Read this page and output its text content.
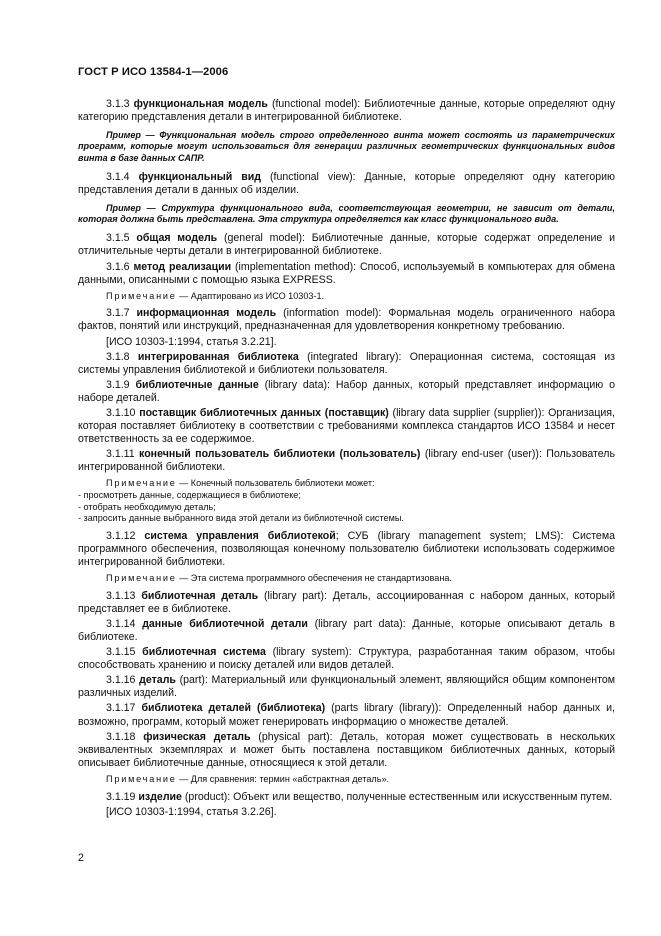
ГОСТ Р ИСО 13584-1—2006

3.1.3 функциональная модель (functional model): Библиотечные данные, которые определяют одну категорию представления детали в интегрированной библиотеке.

Пример — Функциональная модель строго определенного винта может состоять из параметрических программ, которые могут использоваться для генерации различных геометрических функциональных видов винта в базе данных САПР.

3.1.4 функциональный вид (functional view): Данные, которые определяют одну категорию представления детали в данных об изделии.

Пример — Структура функционального вида, соответствующая геометрии, не зависит от детали, которая должна быть представлена. Эта структура определяется как класс функционального вида.

3.1.5 общая модель (general model): Библиотечные данные, которые содержат определение и отличительные черты детали в интегрированной библиотеке.

3.1.6 метод реализации (implementation method): Способ, используемый в компьютерах для обмена данными, описанными с помощью языка EXPRESS.

Примечание — Адаптировано из ИСО 10303-1.

3.1.7 информационная модель (information model): Формальная модель ограниченного набора фактов, понятий или инструкций, предназначенная для удовлетворения конкретному требованию.

[ИСО 10303-1:1994, статья 3.2.21].

3.1.8 интегрированная библиотека (integrated library): Операционная система, состоящая из системы управления библиотекой и библиотеки пользователя.

3.1.9 библиотечные данные (library data): Набор данных, который представляет информацию о наборе деталей.

3.1.10 поставщик библиотечных данных (поставщик) (library data supplier (supplier)): Организация, которая поставляет библиотеку в соответствии с требованиями комплекса стандартов ИСО 13584 и несет ответственность за ее содержимое.

3.1.11 конечный пользователь библиотеки (пользователь) (library end-user (user)): Пользователь интегрированной библиотеки.

Примечание — Конечный пользователь библиотеки может:

- просмотреть данные, содержащиеся в библиотеке;
- отобрать необходимую деталь;
- запросить данные выбранного вида этой детали из библиотечной системы.

3.1.12 система управления библиотекой; СУБ (library management system; LMS): Система программного обеспечения, позволяющая конечному пользователю библиотеки использовать содержимое интегрированной библиотеки.

Примечание — Эта система программного обеспечения не стандартизована.

3.1.13 библиотечная деталь (library part): Деталь, ассоциированная с набором данных, который представляет ее в библиотеке.

3.1.14 данные библиотечной детали (library part data): Данные, которые описывают деталь в библиотеке.

3.1.15 библиотечная система (library system): Структура, разработанная таким образом, чтобы способствовать хранению и поиску деталей или видов деталей.

3.1.16 деталь (part): Материальный или функциональный элемент, являющийся общим компонентом различных изделий.

3.1.17 библиотека деталей (библиотека) (parts library (library)): Определенный набор данных и, возможно, программ, который может генерировать информацию о множестве деталей.

3.1.18 физическая деталь (physical part): Деталь, которая может существовать в нескольких эквивалентных экземплярах и может быть поставлена поставщиком библиотечных данных, который описывает библиотечные данные, относящиеся к этой детали.

Примечание — Для сравнения: термин «абстрактная деталь».

3.1.19 изделие (product): Объект или вещество, полученные естественным или искусственным путем.

[ИСО 10303-1:1994, статья 3.2.26].

2
